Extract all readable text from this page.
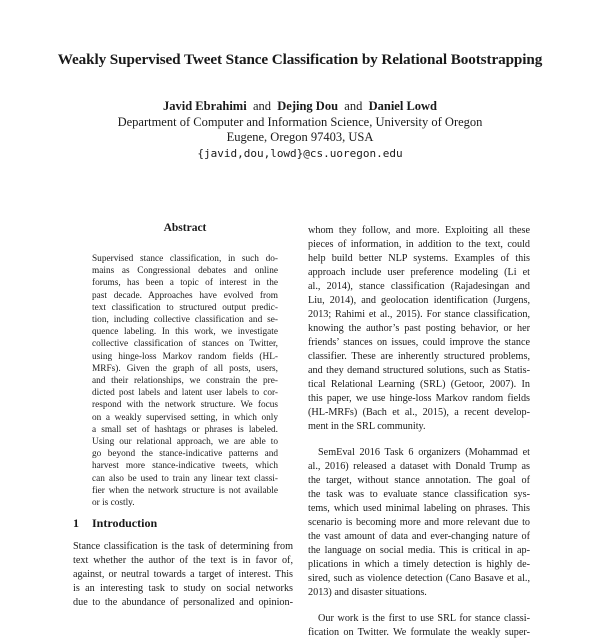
Weakly Supervised Tweet Stance Classification by Relational Bootstrapping
Javid Ebrahimi and Dejing Dou and Daniel Lowd
Department of Computer and Information Science, University of Oregon
Eugene, Oregon 97403, USA
{javid,dou,lowd}@cs.uoregon.edu
Abstract
Supervised stance classification, in such do-
mains as Congressional debates and online
forums, has been a topic of interest in the
past decade. Approaches have evolved from
text classification to structured output predic-
tion, including collective classification and se-
quence labeling. In this work, we investigate
collective classification of stances on Twitter,
using hinge-loss Markov random fields (HL-
MRFs). Given the graph of all posts, users,
and their relationships, we constrain the pre-
dicted post labels and latent user labels to cor-
respond with the network structure. We focus
on a weakly supervised setting, in which only
a small set of hashtags or phrases is labeled.
Using our relational approach, we are able to
go beyond the stance-indicative patterns and
harvest more stance-indicative tweets, which
can also be used to train any linear text classi-
fier when the network structure is not available
or is costly.
1 Introduction
Stance classification is the task of determining from
text whether the author of the text is in favor of,
against, or neutral towards a target of interest. This
is an interesting task to study on social networks
due to the abundance of personalized and opinion-
whom they follow, and more. Exploiting all these
pieces of information, in addition to the text, could
help build better NLP systems. Examples of this
approach include user preference modeling (Li et
al., 2014), stance classification (Rajadesingan and
Liu, 2014), and geolocation identification (Jurgens,
2013; Rahimi et al., 2015). For stance classification,
knowing the author’s past posting behavior, or her
friends’ stances on issues, could improve the stance
classifier. These are inherently structured problems,
and they demand structured solutions, such as Statis-
tical Relational Learning (SRL) (Getoor, 2007). In
this paper, we use hinge-loss Markov random fields
(HL-MRFs) (Bach et al., 2015), a recent develop-
ment in the SRL community.
SemEval 2016 Task 6 organizers (Mohammad et
al., 2016) released a dataset with Donald Trump as
the target, without stance annotation. The goal of
the task was to evaluate stance classification sys-
tems, which used minimal labeling on phrases. This
scenario is becoming more and more relevant due to
the vast amount of data and ever-changing nature of
the language on social media. This is critical in ap-
plications in which a timely detection is highly de-
sired, such as violence detection (Cano Basave et al.,
2013) and disaster situations.
Our work is the first to use SRL for stance classi-
fication on Twitter. We formulate the weakly super-
